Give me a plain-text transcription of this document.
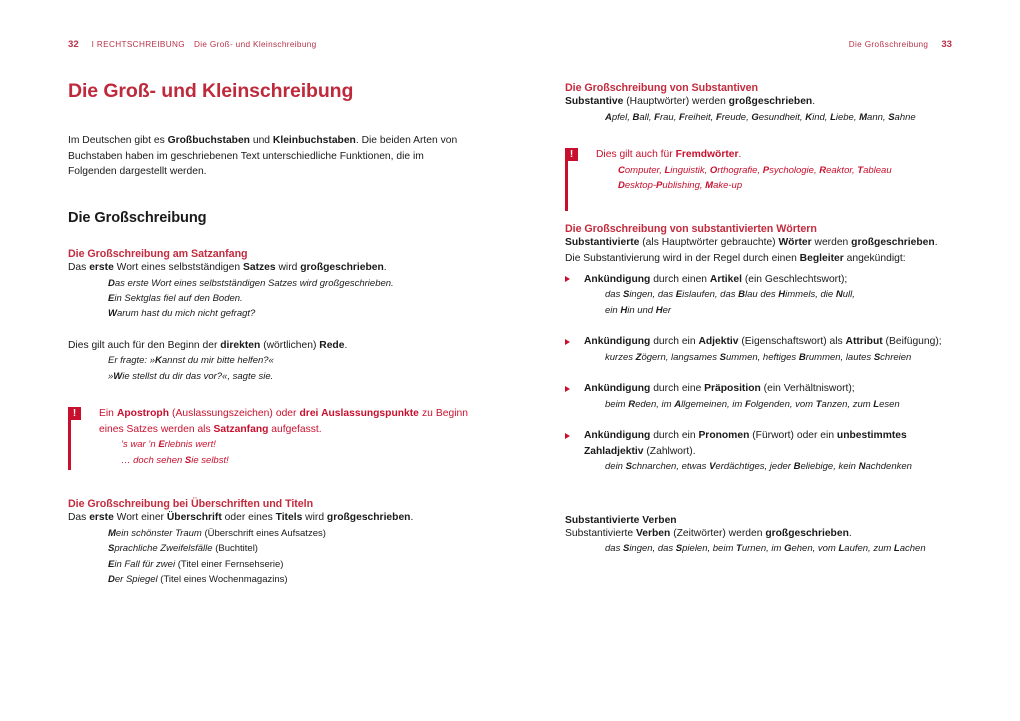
32 I RECHTSCHREIBUNG Die Groß- und Kleinschreibung	Die Großschreibung 33
Die Groß- und Kleinschreibung

Im Deutschen gibt es Großbuchstaben und Kleinbuchstaben. Die beiden Arten von Buchstaben haben im geschriebenen Text unterschiedliche Funktionen, die im Folgenden dargestellt werden.

Die Großschreibung
Die Großschreibung am Satzanfang

Das erste Wort eines selbstständigen Satzes wird großgeschrieben.

Das erste Wort eines selbstständigen Satzes wird großgeschrieben.

Ein Sektglas fiel auf den Boden.

Warum hast du mich nicht gefragt?

Dies gilt auch für den Beginn der direkten (wörtlichen) Rede.

Er fragte: »Kannst du mir bitte helfen?«

»Wie stellst du dir das vor?«, sagte sie.

!	Ein Apostroph (Auslassungszeichen) oder drei Auslassungspunkte zu Beginn eines Satzes werden als Satzanfang aufgefasst.

’s war ’n Erlebnis wert!

… doch sehen Sie selbst!

Die Großschreibung bei Überschriften und Titeln

Das erste Wort einer Überschrift oder eines Titels wird großgeschrieben.

Mein schönster Traum (Überschrift eines Aufsatzes)

Sprachliche Zweifelsfälle (Buchtitel)

Ein Fall für zwei (Titel einer Fernsehserie)

Der Spiegel (Titel eines Wochenmagazins)

Die Großschreibung von Substantiven

Substantive (Hauptwörter) werden großgeschrieben.

Apfel, Ball, Frau, Freiheit, Freude, Gesundheit, Kind, Liebe, Mann, Sahne

!	Dies gilt auch für Fremdwörter.

Computer, Linguistik, Orthografie, Psychologie, Reaktor, Tableau

Desktop-Publishing, Make-up

Die Großschreibung von substantivierten Wörtern

Substantivierte (als Hauptwörter gebrauchte) Wörter werden großgeschrieben.

Die Substantivierung wird in der Regel durch einen Begleiter angekündigt:

Ankündigung durch einen Artikel (ein Geschlechtswort);

das Singen, das Eislaufen, das Blau des Himmels, die Null,

ein Hin und Her

Ankündigung durch ein Adjektiv (Eigenschaftswort) als Attribut (Beifügung);

kurzes Zögern, langsames Summen, heftiges Brummen, lautes Schreien

Ankündigung durch eine Präposition (ein Verhältniswort);

beim Reden, im Allgemeinen, im Folgenden, vom Tanzen, zum Lesen

Ankündigung durch ein Pronomen (Fürwort) oder ein unbestimmtes Zahladjektiv (Zahlwort).

dein Schnarchen, etwas Verdächtiges, jeder Beliebige, kein Nachdenken

Substantivierte Verben

Substantivierte Verben (Zeitwörter) werden großgeschrieben.

das Singen, das Spielen, beim Turnen, im Gehen, vom Laufen, zum Lachen
